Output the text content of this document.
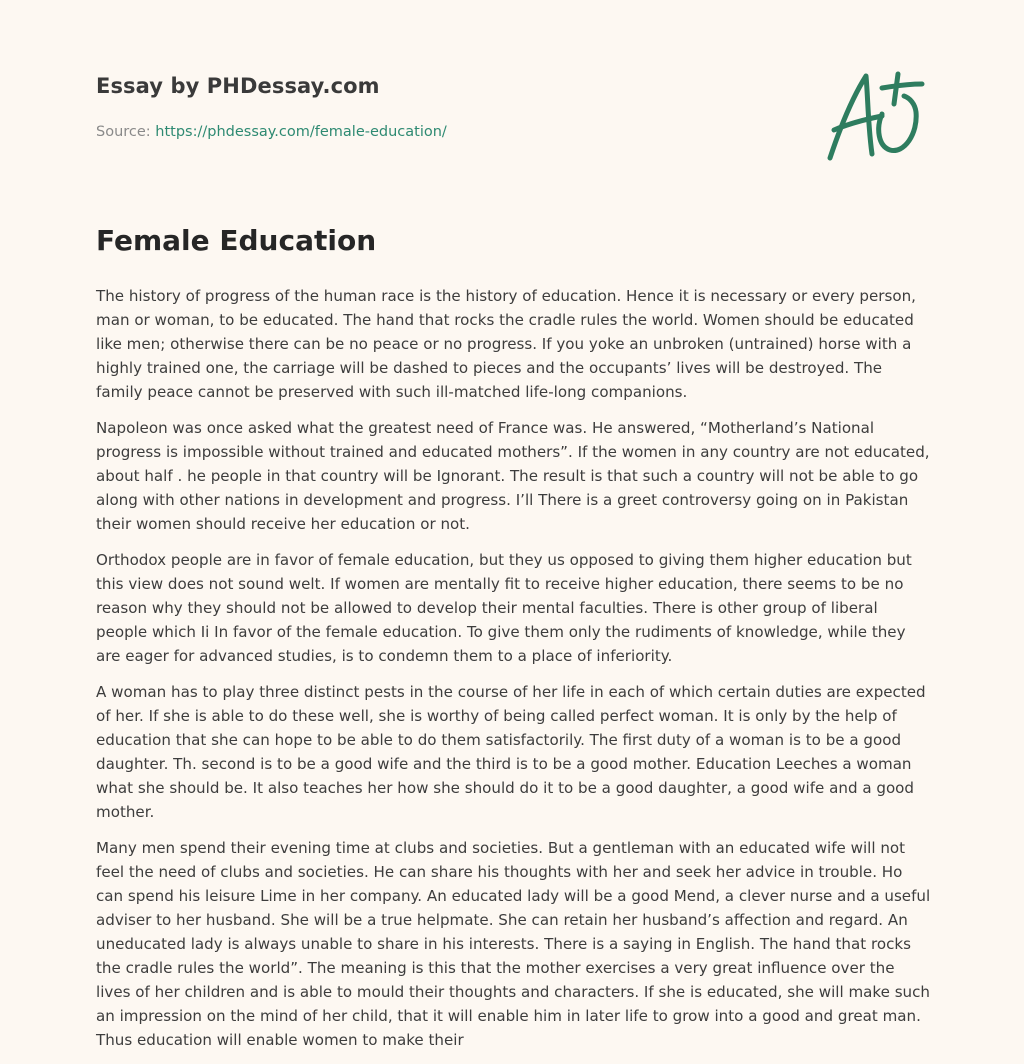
Essay by PHDessay.com
Source: https://phdessay.com/female-education/
Female Education

The history of progress of the human race is the history of education. Hence it is necessary or every person, man or woman, to be educated. The hand that rocks the cradle rules the world. Women should be educated like men; otherwise there can be no peace or no progress. If you yoke an unbroken (untrained) horse with a highly trained one, the carriage will be dashed to pieces and the occupants’ lives will be destroyed. The family peace cannot be preserved with such ill-matched life-long companions.

Napoleon was once asked what the greatest need of France was. He answered, “Motherland’s National progress is impossible without trained and educated mothers”. If the women in any country are not educated, about half . he people in that country will be Ignorant. The result is that such a country will not be able to go along with other nations in development and progress. I’ll There is a greet controversy going on in Pakistan their women should receive her education or not.

Orthodox people are in favor of female education, but they us opposed to giving them higher education but this view does not sound welt. If women are mentally fit to receive higher education, there seems to be no reason why they should not be allowed to develop their mental faculties. There is other group of liberal people which Ii In favor of the female education. To give them only the rudiments of knowledge, while they are eager for advanced studies, is to condemn them to a place of inferiority.

A woman has to play three distinct pests in the course of her life in each of which certain duties are expected of her. If she is able to do these well, she is worthy of being called perfect woman. It is only by the help of education that she can hope to be able to do them satisfactorily. The first duty of a woman is to be a good daughter. Th. second is to be a good wife and the third is to be a good mother. Education Leeches a woman what she should be. It also teaches her how she should do it to be a good daughter, a good wife and a good mother.

Many men spend their evening time at clubs and societies. But a gentleman with an educated wife will not feel the need of clubs and societies. He can share his thoughts with her and seek her advice in trouble. Ho can spend his leisure Lime in her company. An educated lady will be a good Mend, a clever nurse and a useful adviser to her husband. She will be a true helpmate. She can retain her husband’s affection and regard. An uneducated lady is always unable to share in his interests. There is a saying in English. The hand that rocks the cradle rules the world”. The meaning is this that the mother exercises a very great influence over the lives of her children and is able to mould their thoughts and characters. If she is educated, she will make such an impression on the mind of her child, that it will enable him in later life to grow into a good and great man. Thus education will enable women to make their
